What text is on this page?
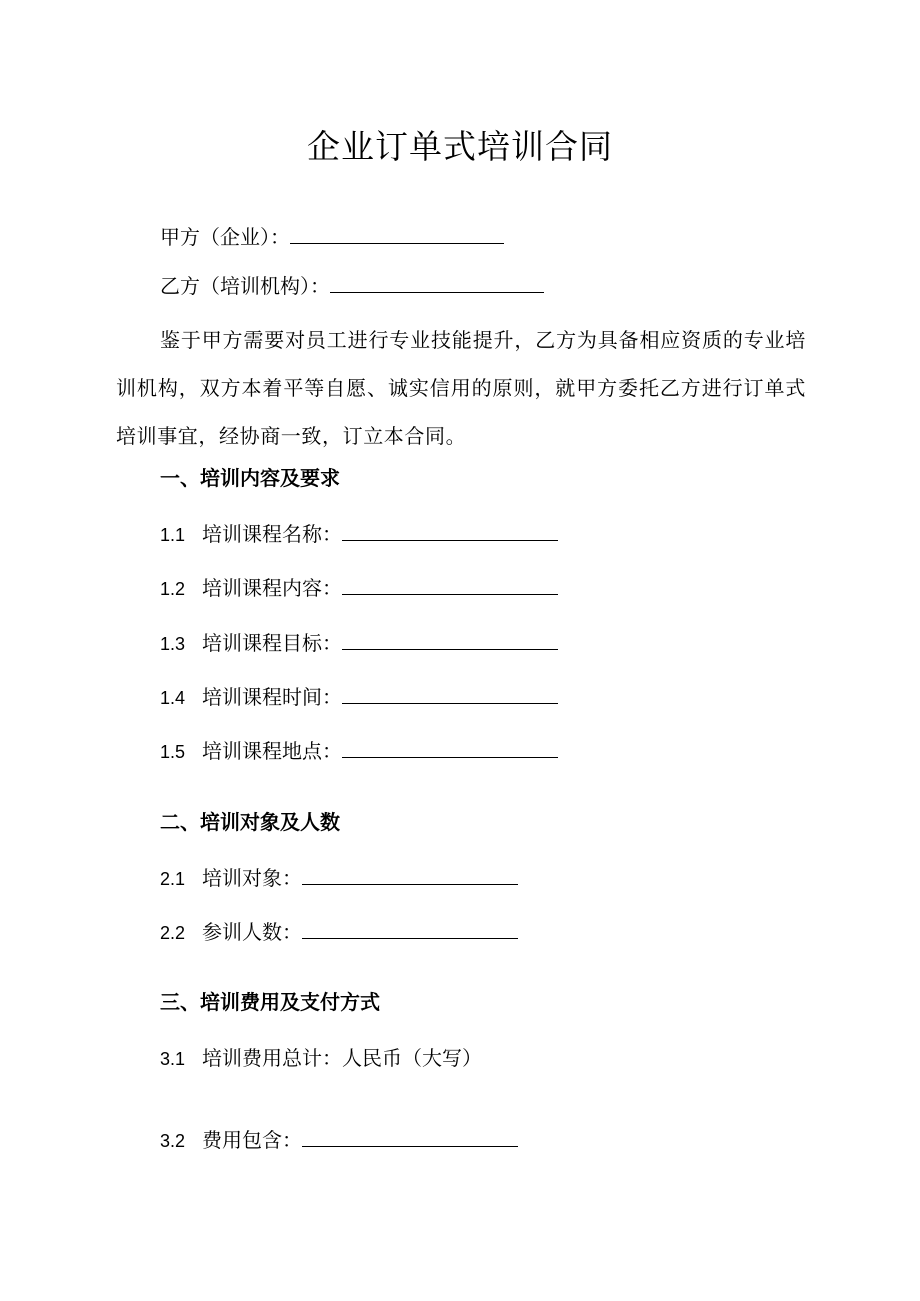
企业订单式培训合同
甲方（企业）：
乙方（培训机构）：
鉴于甲方需要对员工进行专业技能提升，乙方为具备相应资质的专业培训机构，双方本着平等自愿、诚实信用的原则，就甲方委托乙方进行订单式培训事宜，经协商一致，订立本合同。
一、培训内容及要求
1.1 培训课程名称：
1.2 培训课程内容：
1.3 培训课程目标：
1.4 培训课程时间：
1.5 培训课程地点：
二、培训对象及人数
2.1 培训对象：
2.2 参训人数：
三、培训费用及支付方式
3.1 培训费用总计：人民币（大写）
3.2 费用包含：
